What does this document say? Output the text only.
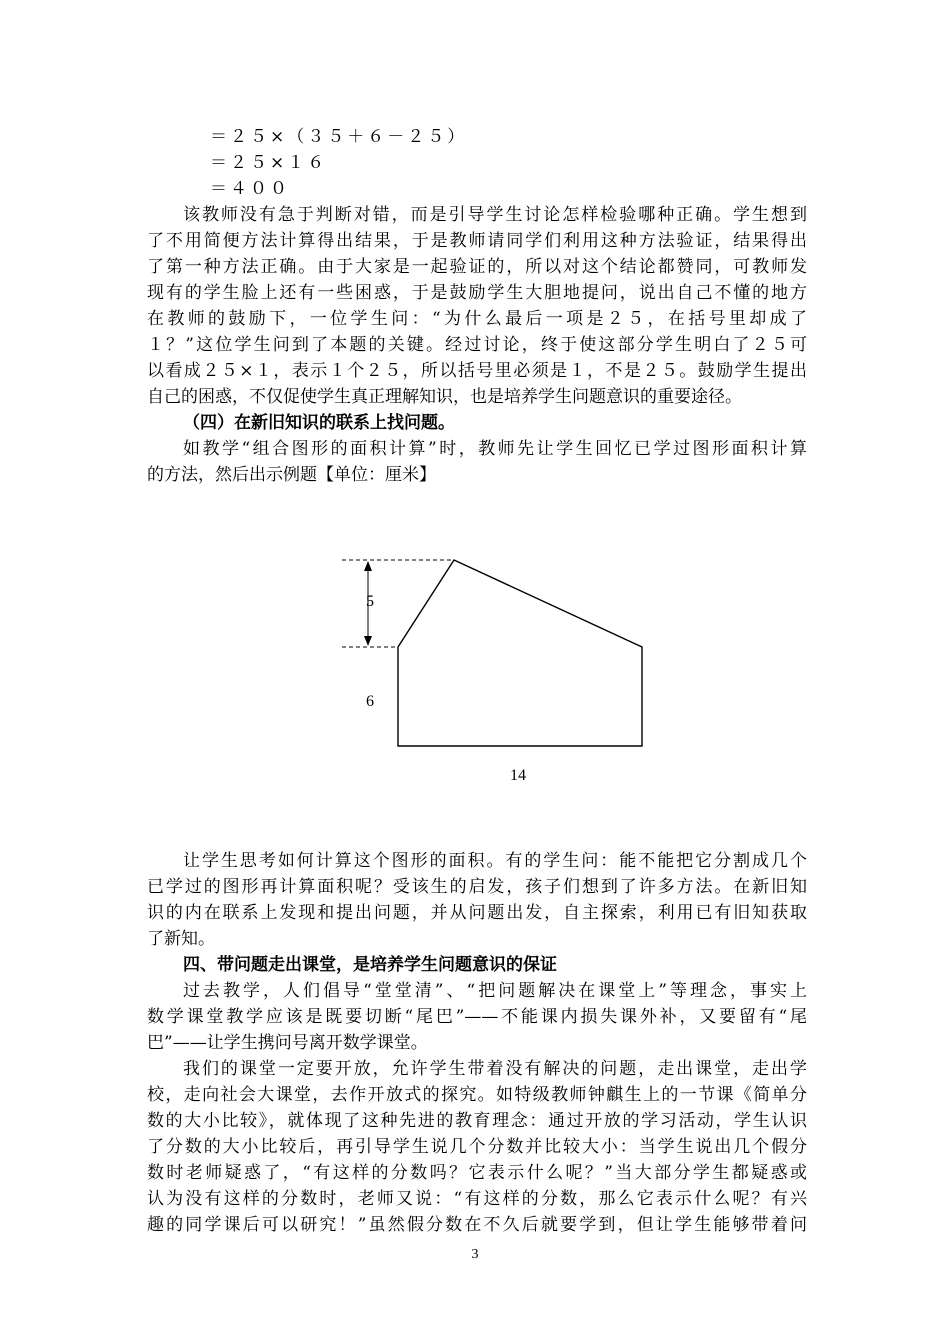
＝２５×（３５＋６－２５）
＝２５×１６
＝４００
该教师没有急于判断对错，而是引导学生讨论怎样检验哪种正确。学生想到
了不用简便方法计算得出结果，于是教师请同学们利用这种方法验证，结果得出
了第一种方法正确。由于大家是一起验证的，所以对这个结论都赞同，可教师发
现有的学生脸上还有一些困惑，于是鼓励学生大胆地提问，说出自己不懂的地方
在教师的鼓励下，一位学生问：“为什么最后一项是２５，在括号里却成了
１？”这位学生问到了本题的关键。经过讨论，终于使这部分学生明白了２５可
以看成２５×１，表示１个２５，所以括号里必须是１，不是２５。鼓励学生提出
自己的困惑，不仅促使学生真正理解知识，也是培养学生问题意识的重要途径。
（四）在新旧知识的联系上找问题。
如教学“组合图形的面积计算”时，教师先让学生回忆已学过图形面积计算
的方法，然后出示例题【单位：厘米】
5
6
14
让学生思考如何计算这个图形的面积。有的学生问：能不能把它分割成几个
已学过的图形再计算面积呢？受该生的启发，孩子们想到了许多方法。在新旧知
识的内在联系上发现和提出问题，并从问题出发，自主探索，利用已有旧知获取
了新知。
四、带问题走出课堂，是培养学生问题意识的保证
过去教学，人们倡导“堂堂清”、“把问题解决在课堂上”等理念，事实上
数学课堂教学应该是既要切断“尾巴”——不能课内损失课外补，又要留有“尾
巴”——让学生携问号离开数学课堂。
我们的课堂一定要开放，允许学生带着没有解决的问题，走出课堂，走出学
校，走向社会大课堂，去作开放式的探究。如特级教师钟麒生上的一节课《简单分
数的大小比较》，就体现了这种先进的教育理念：通过开放的学习活动，学生认识
了分数的大小比较后，再引导学生说几个分数并比较大小：当学生说出几个假分
数时老师疑惑了，“有这样的分数吗？它表示什么呢？”当大部分学生都疑惑或
认为没有这样的分数时，老师又说：“有这样的分数，那么它表示什么呢？有兴
趣的同学课后可以研究！”虽然假分数在不久后就要学到，但让学生能够带着问
3
